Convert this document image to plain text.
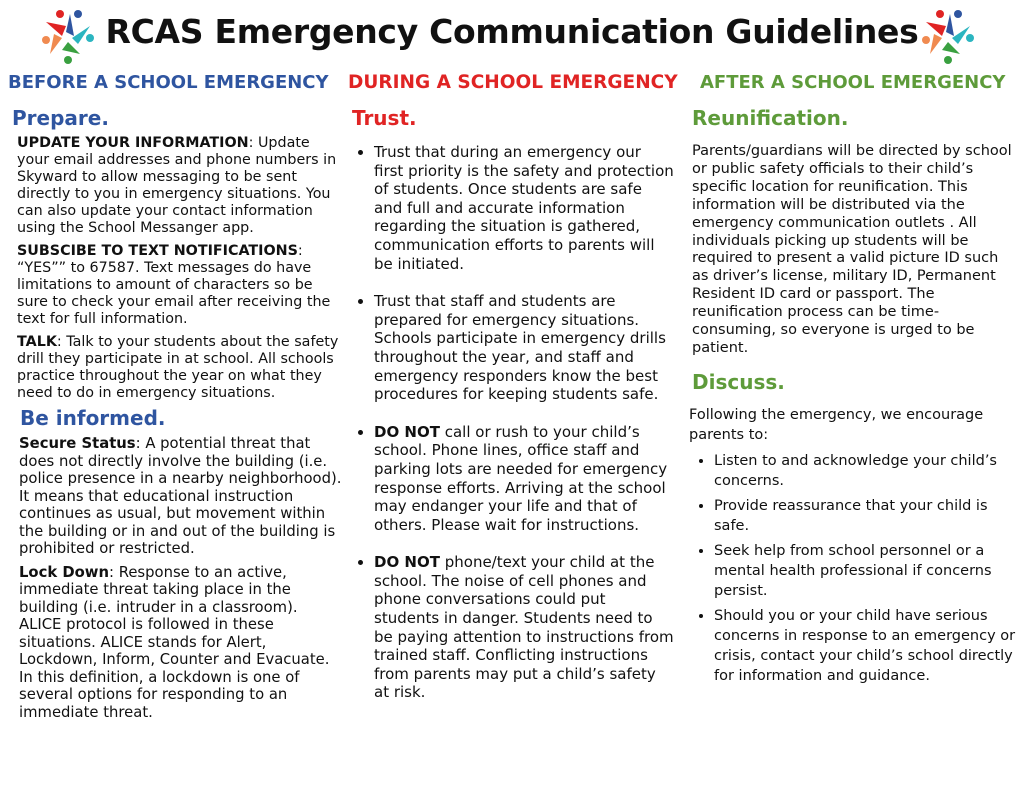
RCAS Emergency Communication Guidelines
BEFORE A SCHOOL EMERGENCY DURING A SCHOOL EMERGENCY AFTER A SCHOOL EMERGENCY
Prepare.

UPDATE YOUR INFORMATION: Update your email addresses and phone numbers in Skyward to allow messaging to be sent directly to you in emergency situations. You can also update your contact information using the School Messanger app.

SUBSCIBE TO TEXT NOTIFICATIONS: “YES”” to 67587. Text messages do have limitations to amount of characters so be sure to check your email after receiving the text for full information.

TALK: Talk to your students about the safety drill they participate in at school. All schools practice throughout the year on what they need to do in emergency situations.

Be informed.

Secure Status: A potential threat that does not directly involve the building (i.e. police presence in a nearby neighborhood). It means that educational instruction continues as usual, but movement within the building or in and out of the building is prohibited or restricted.

Lock Down: Response to an active, immediate threat taking place in the building (i.e. intruder in a classroom). ALICE protocol is followed in these situations. ALICE stands for Alert, Lockdown, Inform, Counter and Evacuate. In this definition, a lockdown is one of several options for responding to an immediate threat.

Trust.
• Trust that during an emergency our first priority is the safety and protection of students. Once students are safe and full and accurate information regarding the situation is gathered, communication efforts to parents will be initiated.
• Trust that staff and students are prepared for emergency situations. Schools participate in emergency drills throughout the year, and staff and emergency responders know the best procedures for keeping students safe.
• DO NOT call or rush to your child’s school. Phone lines, office staff and parking lots are needed for emergency response efforts. Arriving at the school may endanger your life and that of others. Please wait for instructions.
• DO NOT phone/text your child at the school. The noise of cell phones and phone conversations could put students in danger. Students need to be paying attention to instructions from trained staff. Conflicting instructions from parents may put a child’s safety at risk.
Reunification.

Parents/guardians will be directed by school or public safety officials to their child’s specific location for reunification. This information will be distributed via the emergency communication outlets . All individuals picking up students will be required to present a valid picture ID such as driver’s license, military ID, Permanent Resident ID card or passport. The reunification process can be time-consuming, so everyone is urged to be patient.

Discuss.

Following the emergency, we encourage parents to:

• Listen to and acknowledge your child’s concerns.
• Provide reassurance that your child is safe.
• Seek help from school personnel or a mental health professional if concerns persist.
• Should you or your child have serious concerns in response to an emergency or crisis, contact your child’s school directly for information and guidance.
